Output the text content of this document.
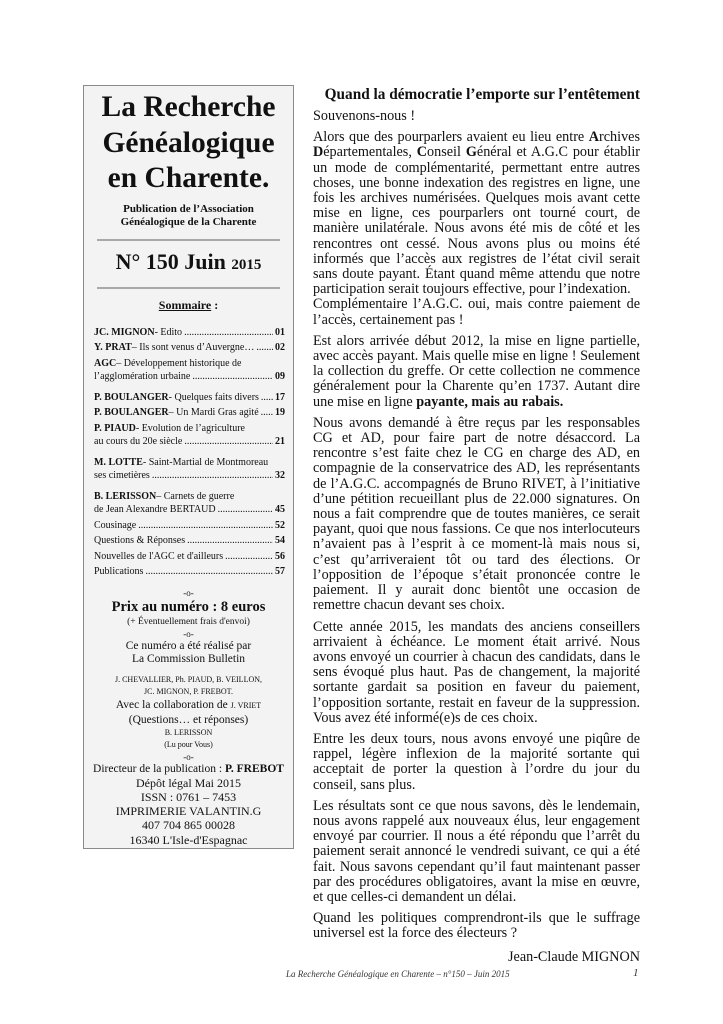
La Recherche
Généalogique
en Charente.
Publication de l’Association
Généalogique de la Charente
N° 150 Juin 2015
Sommaire :
JC. MIGNON - Edito .....	01
Y. PRAT – Ils sont venus d’Auvergne… ..... 02
AGC – Développement historique de
l’agglomération urbaine .....	09
P. BOULANGER - Quelques faits divers ..... 17
P. BOULANGER – Un Mardi Gras agité ..... 19
P. PIAUD - Evolution de l’agriculture
au cours du 20e siècle .....	21
M. LOTTE - Saint-Martial de Montmoreau
ses cimetières .....	32
B. LERISSON – Carnets de guerre
de Jean Alexandre BERTAUD .....	45
Cousinage .....	52
Questions & Réponses .....	54
Nouvelles de l'AGC et d'ailleurs .....	56
Publications .....	57
-o-
Prix au numéro : 8 euros
(+ Éventuellement frais d'envoi)
-o-
Ce numéro a été réalisé par
La Commission Bulletin
J. CHEVALLIER, Ph. PIAUD, B. VEILLON,
JC. MIGNON, P. FREBOT.
Avec la collaboration de J. VRIET
(Questions… et réponses)
B. LERISSON
(Lu pour Vous)
-o-
Directeur de la publication : P. FREBOT
Dépôt légal Mai 2015
ISSN : 0761 – 7453
IMPRIMERIE VALANTIN.G
407 704 865 00028
16340 L'Isle-d'Espagnac
Quand la démocratie l’emporte sur l’entêtement

Souvenons-nous !

Alors que des pourparlers avaient eu lieu entre Archives Départementales, Conseil Général et A.G.C pour établir un mode de complémentarité, permettant entre autres choses, une bonne indexation des registres en ligne, une fois les archives numérisées. Quelques mois avant cette mise en ligne, ces pourparlers ont tourné court, de manière unilatérale. Nous avons été mis de côté et les rencontres ont cessé. Nous avons plus ou moins été informés que l’accès aux registres de l’état civil serait sans doute payant. Étant quand même attendu que notre participation serait toujours effective, pour l’indexation.

Complémentaire l’A.G.C. oui, mais contre paiement de l’accès, certainement pas !

Est alors arrivée début 2012, la mise en ligne partielle, avec accès payant. Mais quelle mise en ligne ! Seulement la collection du greffe. Or cette collection ne commence généralement pour la Charente qu’en 1737. Autant dire une mise en ligne payante, mais au rabais.

Nous avons demandé à être reçus par les responsables CG et AD, pour faire part de notre désaccord. La rencontre s’est faite chez le CG en charge des AD, en compagnie de la conservatrice des AD, les représentants de l’A.G.C. accompagnés de Bruno RIVET, à l’initiative d’une pétition recueillant plus de 22.000 signatures. On nous a fait comprendre que de toutes manières, ce serait payant, quoi que nous fassions. Ce que nos interlocuteurs n’avaient pas à l’esprit à ce moment-là mais nous si, c’est qu’arriveraient tôt ou tard des élections. Or l’opposition de l’époque s’était prononcée contre le paiement. Il y aurait donc bientôt une occasion de remettre chacun devant ses choix.

Cette année 2015, les mandats des anciens conseillers arrivaient à échéance. Le moment était arrivé. Nous avons envoyé un courrier à chacun des candidats, dans le sens évoqué plus haut. Pas de changement, la majorité sortante gardait sa position en faveur du paiement, l’opposition sortante, restait en faveur de la suppression. Vous avez été informé(e)s de ces choix.

Entre les deux tours, nous avons envoyé une piqûre de rappel, légère inflexion de la majorité sortante qui acceptait de porter la question à l’ordre du jour du conseil, sans plus.

Les résultats sont ce que nous savons, dès le lendemain, nous avons rappelé aux nouveaux élus, leur engagement envoyé par courrier. Il nous a été répondu que l’arrêt du paiement serait annoncé le vendredi suivant, ce qui a été fait. Nous savons cependant qu’il faut maintenant passer par des procédures obligatoires, avant la mise en œuvre, et que celles-ci demandent un délai.

Quand les politiques comprendront-ils que le suffrage universel est la force des électeurs ?

Jean-Claude MIGNON
La Recherche Généalogique en Charente – n°150 – Juin 2015	1
